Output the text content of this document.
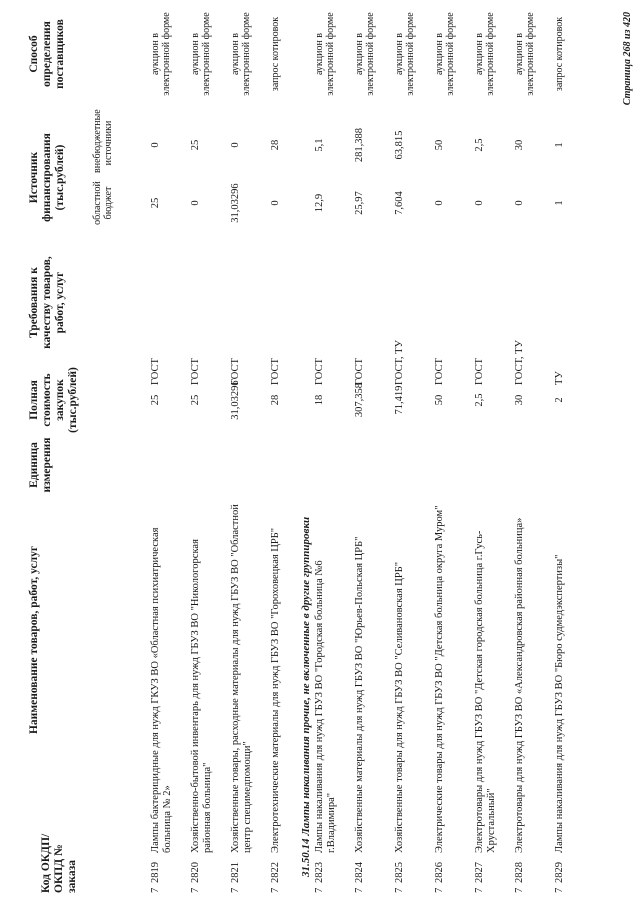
Код ОКДП/ ОКПД № заказа
Наименование товаров, работ, услуг
Единица измерения
Полная стоимость закупок (тыс.рублей)
Требования к качеству товаров, работ, услуг
Источник финансирования (тыс.рублей)	областной бюджет
внебюджетные источники
Способ определения поставщиков
7
2819
Лампы бактерицидные для нужд ГКУЗ ВО «Областная психиатрическая больница № 2»
25
ГОСТ
25
0
аукцион в электронной форме
7
2820
Хозяйственно-бытовой инвентарь для нужд ГБУЗ ВО "Никологорская районная больница"
25
ГОСТ
0
25
аукцион в электронной форме
7
2821
Хозяйственные товары, расходные материалы для нужд ГБУЗ ВО "Областной центр специмедпомощи"
31,03296
ГОСТ
31,03296
0
аукцион в электронной форме
7
2822
Электротехнические материалы для нужд ГБУЗ ВО "Гороховецкая ЦРБ"
28
ГОСТ
0
28
запрос котировок
31.50.14 Лампы накаливания прочие, не включенные в другие группировки
7
2823
Лампы накаливания для нужд ГБУЗ ВО "Городская больница №6 г.Владимира"
18
ГОСТ
12,9
5,1
аукцион в электронной форме
7
2824
Хозяйственные материалы для нужд ГБУЗ ВО "Юрьев-Польская ЦРБ"
307,358
ГОСТ
25,97
281,388
аукцион в электронной форме
7
2825
Хозяйственные товары для нужд ГБУЗ ВО "Селивановская ЦРБ"
71,419
ГОСТ, ТУ
7,604
63,815
аукцион в электронной форме
7
2826
Электрические товары для нужд ГБУЗ ВО "Детская больница округа Муром"
50
ГОСТ
0
50
аукцион в электронной форме
7
2827
Электротовары для нужд ГБУЗ ВО "Детская городская больница г.Гусь-Хрустальный"
2,5
ГОСТ
0
2,5
аукцион в электронной форме
7
2828
Электротовары для нужд ГБУЗ ВО «Александровская районная больница»
30
ГОСТ, ТУ
0
30
аукцион в электронной форме
7
2829
Лампы накаливания для нужд ГБУЗ ВО "Бюро судмедэкспертизы"
2
ТУ
1
1
запрос котировок	Страница 268 из 420
